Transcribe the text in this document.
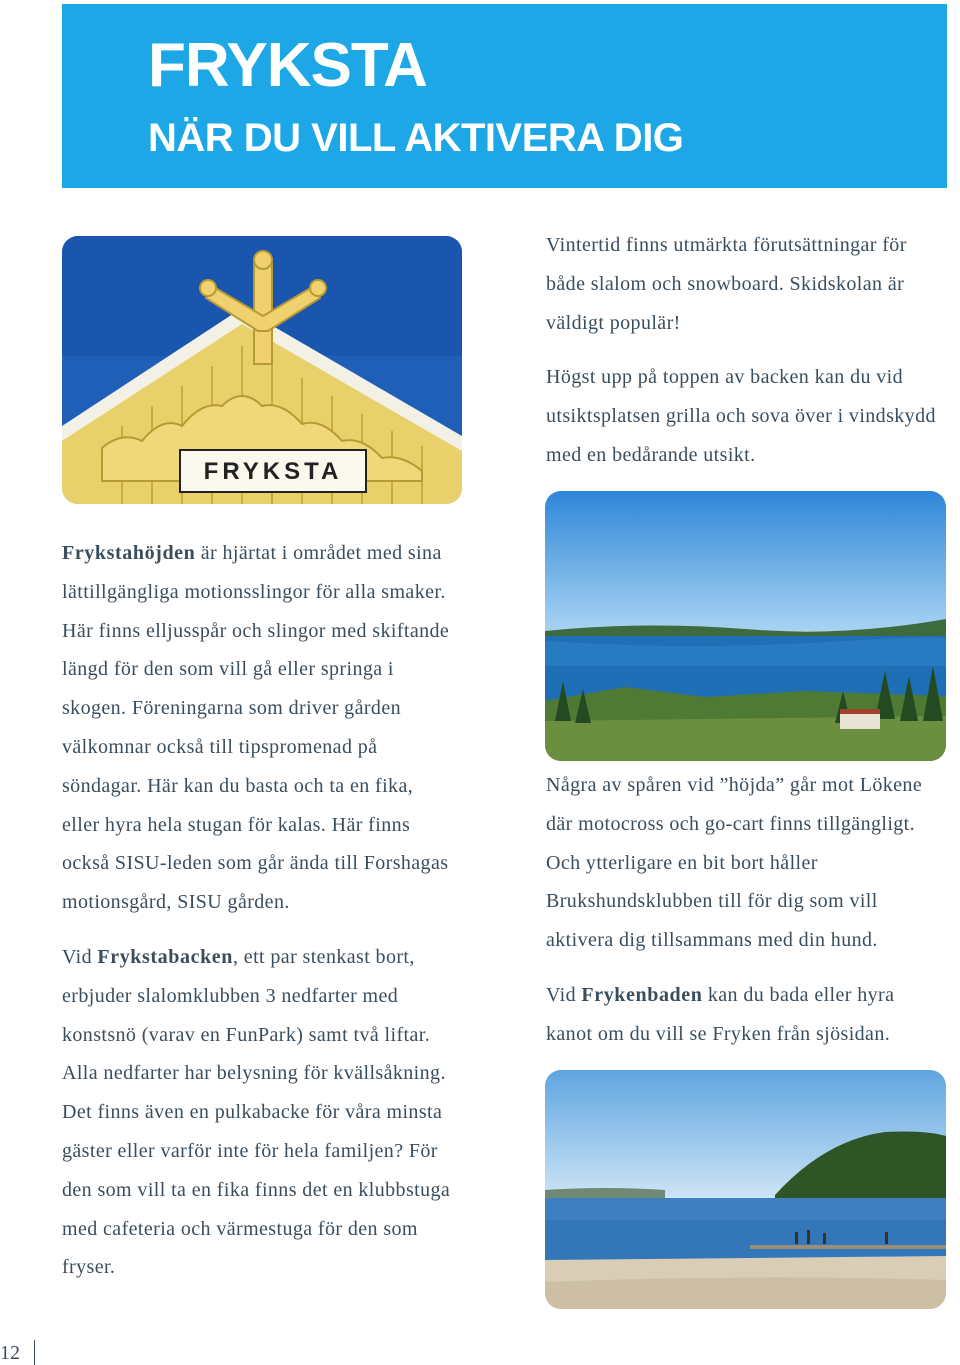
FRYKSTA
NÄR DU VILL AKTIVERA DIG
FRYKSTA

Vintertid finns utmärkta förutsättningar för både slalom och snowboard. Skidskolan är väldigt populär!

Högst upp på toppen av backen kan du vid utsiktsplatsen grilla och sova över i vindskydd med en bedårande utsikt.

Frykstahöjden är hjärtat i området med sina lättillgängliga motionsslingor för alla smaker. Här finns elljusspår och slingor med skiftande längd för den som vill gå eller springa i skogen. Föreningarna som driver gården välkomnar också till tipspromenad på söndagar. Här kan du basta och ta en fika, eller hyra hela stugan för kalas. Här finns också SISU-leden som går ända till Forshagas motionsgård, SISU gården.

Vid Frykstabacken, ett par stenkast bort, erbjuder slalomklubben 3 nedfarter med konstsnö (varav en FunPark) samt två liftar. Alla nedfarter har belysning för kvällsåkning. Det finns även en pulkabacke för våra minsta gäster eller varför inte för hela familjen? För den som vill ta en fika finns det en klubbstuga med cafeteria och värmestuga för den som fryser.

Några av spåren vid ”höjda” går mot Lökene där motocross och go-cart finns tillgängligt. Och ytterligare en bit bort håller Brukshundsklubben till för dig som vill aktivera dig tillsammans med din hund.

Vid Frykenbaden kan du bada eller hyra kanot om du vill se Fryken från sjösidan.

12
